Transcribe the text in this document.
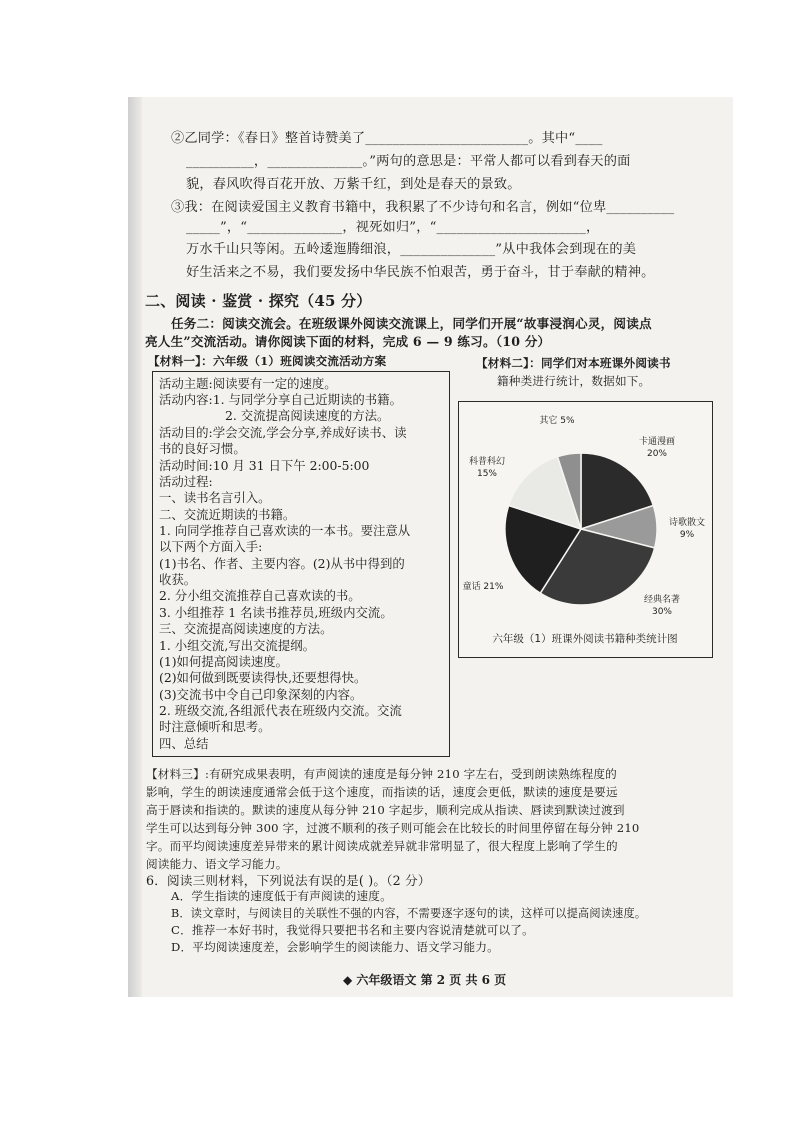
②乙同学：《春日》整首诗赞美了________________________。其中“____
__________，______________。”两句的意思是：平常人都可以看到春天的面
貌，春风吹得百花开放、万紫千红，到处是春天的景致。
③我：在阅读爱国主义教育书籍中，我积累了不少诗句和名言，例如“位卑__________
_____”，“______________，视死如归”，“______________________，
万水千山只等闲。五岭逶迤腾细浪，______________”从中我体会到现在的美
好生活来之不易，我们要发扬中华民族不怕艰苦，勇于奋斗，甘于奉献的精神。
二、阅读 · 鉴赏 · 探究（45 分）
任务二：阅读交流会。在班级课外阅读交流课上，同学们开展“故事浸润心灵，阅读点
亮人生”交流活动。请你阅读下面的材料，完成 6 — 9 练习。（10 分）
【材料一】：六年级（1）班阅读交流活动方案	【材料二】：同学们对本班课外阅读书
籍种类进行统计，数据如下。
活动主题:阅读要有一定的速度。
活动内容:1. 与同学分享自己近期读的书籍。
2. 交流提高阅读速度的方法。
活动目的:学会交流,学会分享,养成好读书、读
书的良好习惯。
活动时间:10 月 31 日下午 2:00-5:00
活动过程:
一、读书名言引入。
二、交流近期读的书籍。
1. 向同学推荐自己喜欢读的一本书。要注意从
以下两个方面入手:
(1)书名、作者、主要内容。(2)从书中得到的
收获。
2. 分小组交流推荐自己喜欢读的书。
3. 小组推荐 1 名读书推荐员,班级内交流。
三、交流提高阅读速度的方法。
1. 小组交流,写出交流提纲。
(1)如何提高阅读速度。
(2)如何做到既要读得快,还要想得快。
(3)交流书中令自己印象深刻的内容。
2. 班级交流,各组派代表在班级内交流。交流
时注意倾听和思考。
四、总结
卡通漫画
20%
诗歌散文
9%
经典名著
30%
童话 21%
科普科幻
15%
其它 5%
六年级（1）班课外阅读书籍种类统计图
【材料三】:有研究成果表明，有声阅读的速度是每分钟 210 字左右，受到朗读熟练程度的
影响，学生的朗读速度通常会低于这个速度，而指读的话，速度会更低，默读的速度是要远
高于唇读和指读的。默读的速度从每分钟 210 字起步，顺利完成从指读、唇读到默读过渡到
学生可以达到每分钟 300 字，过渡不顺利的孩子则可能会在比较长的时间里停留在每分钟 210
字。而平均阅读速度差异带来的累计阅读成就差异就非常明显了，很大程度上影响了学生的
阅读能力、语文学习能力。
6．阅读三则材料，下列说法有误的是( )。（2 分）
A．学生指读的速度低于有声阅读的速度。
B．读文章时，与阅读目的关联性不强的内容，不需要逐字逐句的读，这样可以提高阅读速度。
C．推荐一本好书时，我觉得只要把书名和主要内容说清楚就可以了。
D．平均阅读速度差，会影响学生的阅读能力、语文学习能力。
◆ 六年级语文 第 2 页 共 6 页
